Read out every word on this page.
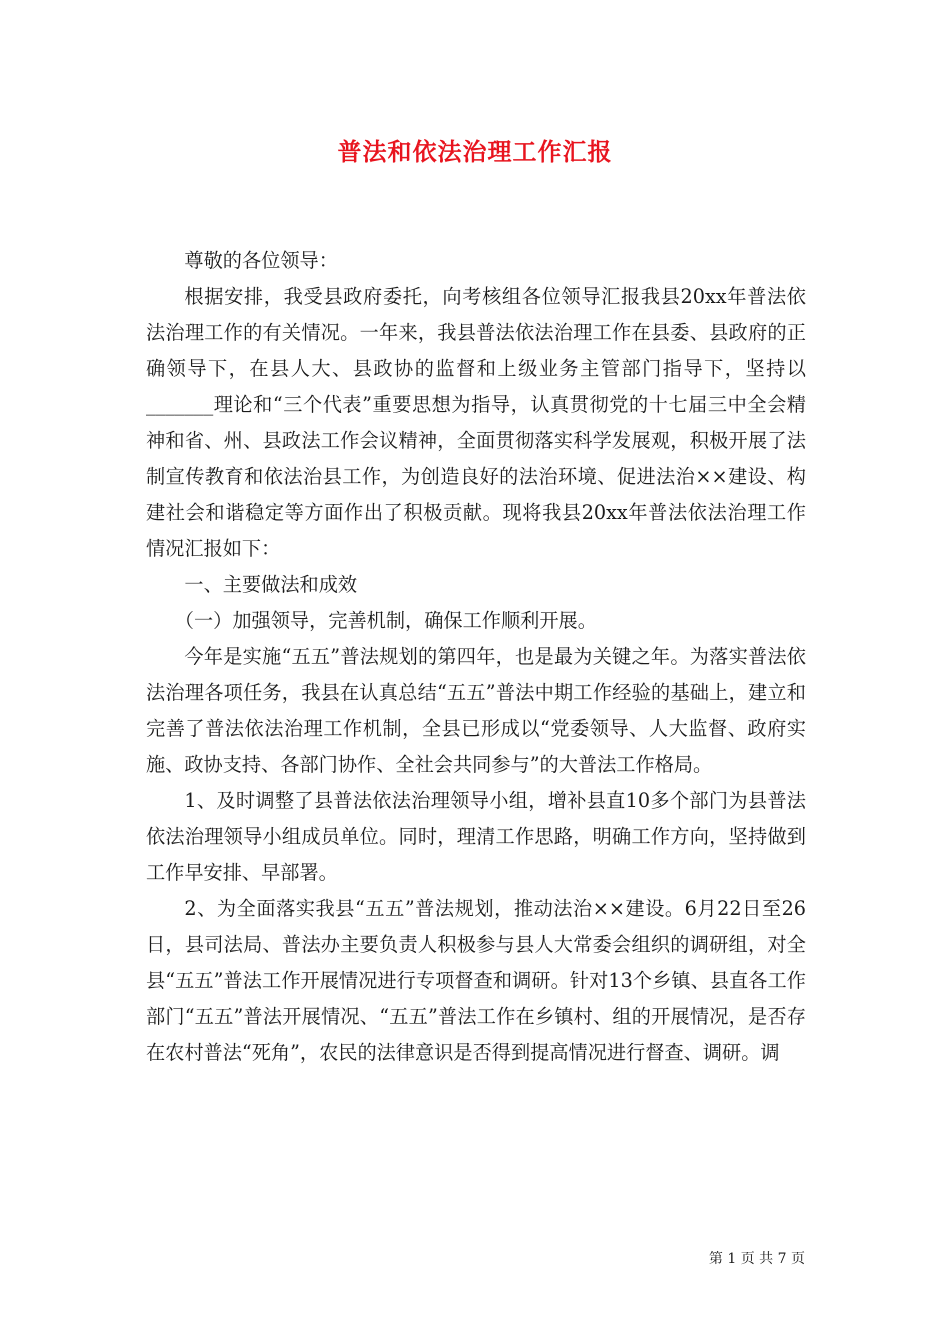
普法和依法治理工作汇报

尊敬的各位领导：

根据安排，我受县政府委托，向考核组各位领导汇报我县20xx年普法依法治理工作的有关情况。一年来，我县普法依法治理工作在县委、县政府的正确领导下，在县人大、县政协的监督和上级业务主管部门指导下，坚持以_______理论和“三个代表”重要思想为指导，认真贯彻党的十七届三中全会精神和省、州、县政法工作会议精神，全面贯彻落实科学发展观，积极开展了法制宣传教育和依法治县工作，为创造良好的法治环境、促进法治××建设、构建社会和谐稳定等方面作出了积极贡献。现将我县20xx年普法依法治理工作情况汇报如下：

一、主要做法和成效

（一）加强领导，完善机制，确保工作顺利开展。

今年是实施“五五”普法规划的第四年，也是最为关键之年。为落实普法依法治理各项任务，我县在认真总结“五五”普法中期工作经验的基础上，建立和完善了普法依法治理工作机制，全县已形成以“党委领导、人大监督、政府实施、政协支持、各部门协作、全社会共同参与”的大普法工作格局。

1、及时调整了县普法依法治理领导小组，增补县直10多个部门为县普法依法治理领导小组成员单位。同时，理清工作思路，明确工作方向，坚持做到工作早安排、早部署。

2、为全面落实我县“五五”普法规划，推动法治××建设。6月22日至26日，县司法局、普法办主要负责人积极参与县人大常委会组织的调研组，对全县“五五”普法工作开展情况进行专项督查和调研。针对13个乡镇、县直各工作部门“五五”普法开展情况、“五五”普法工作在乡镇村、组的开展情况，是否存在农村普法“死角”，农民的法律意识是否得到提高情况进行督查、调研。调

第 1 页 共 7 页
